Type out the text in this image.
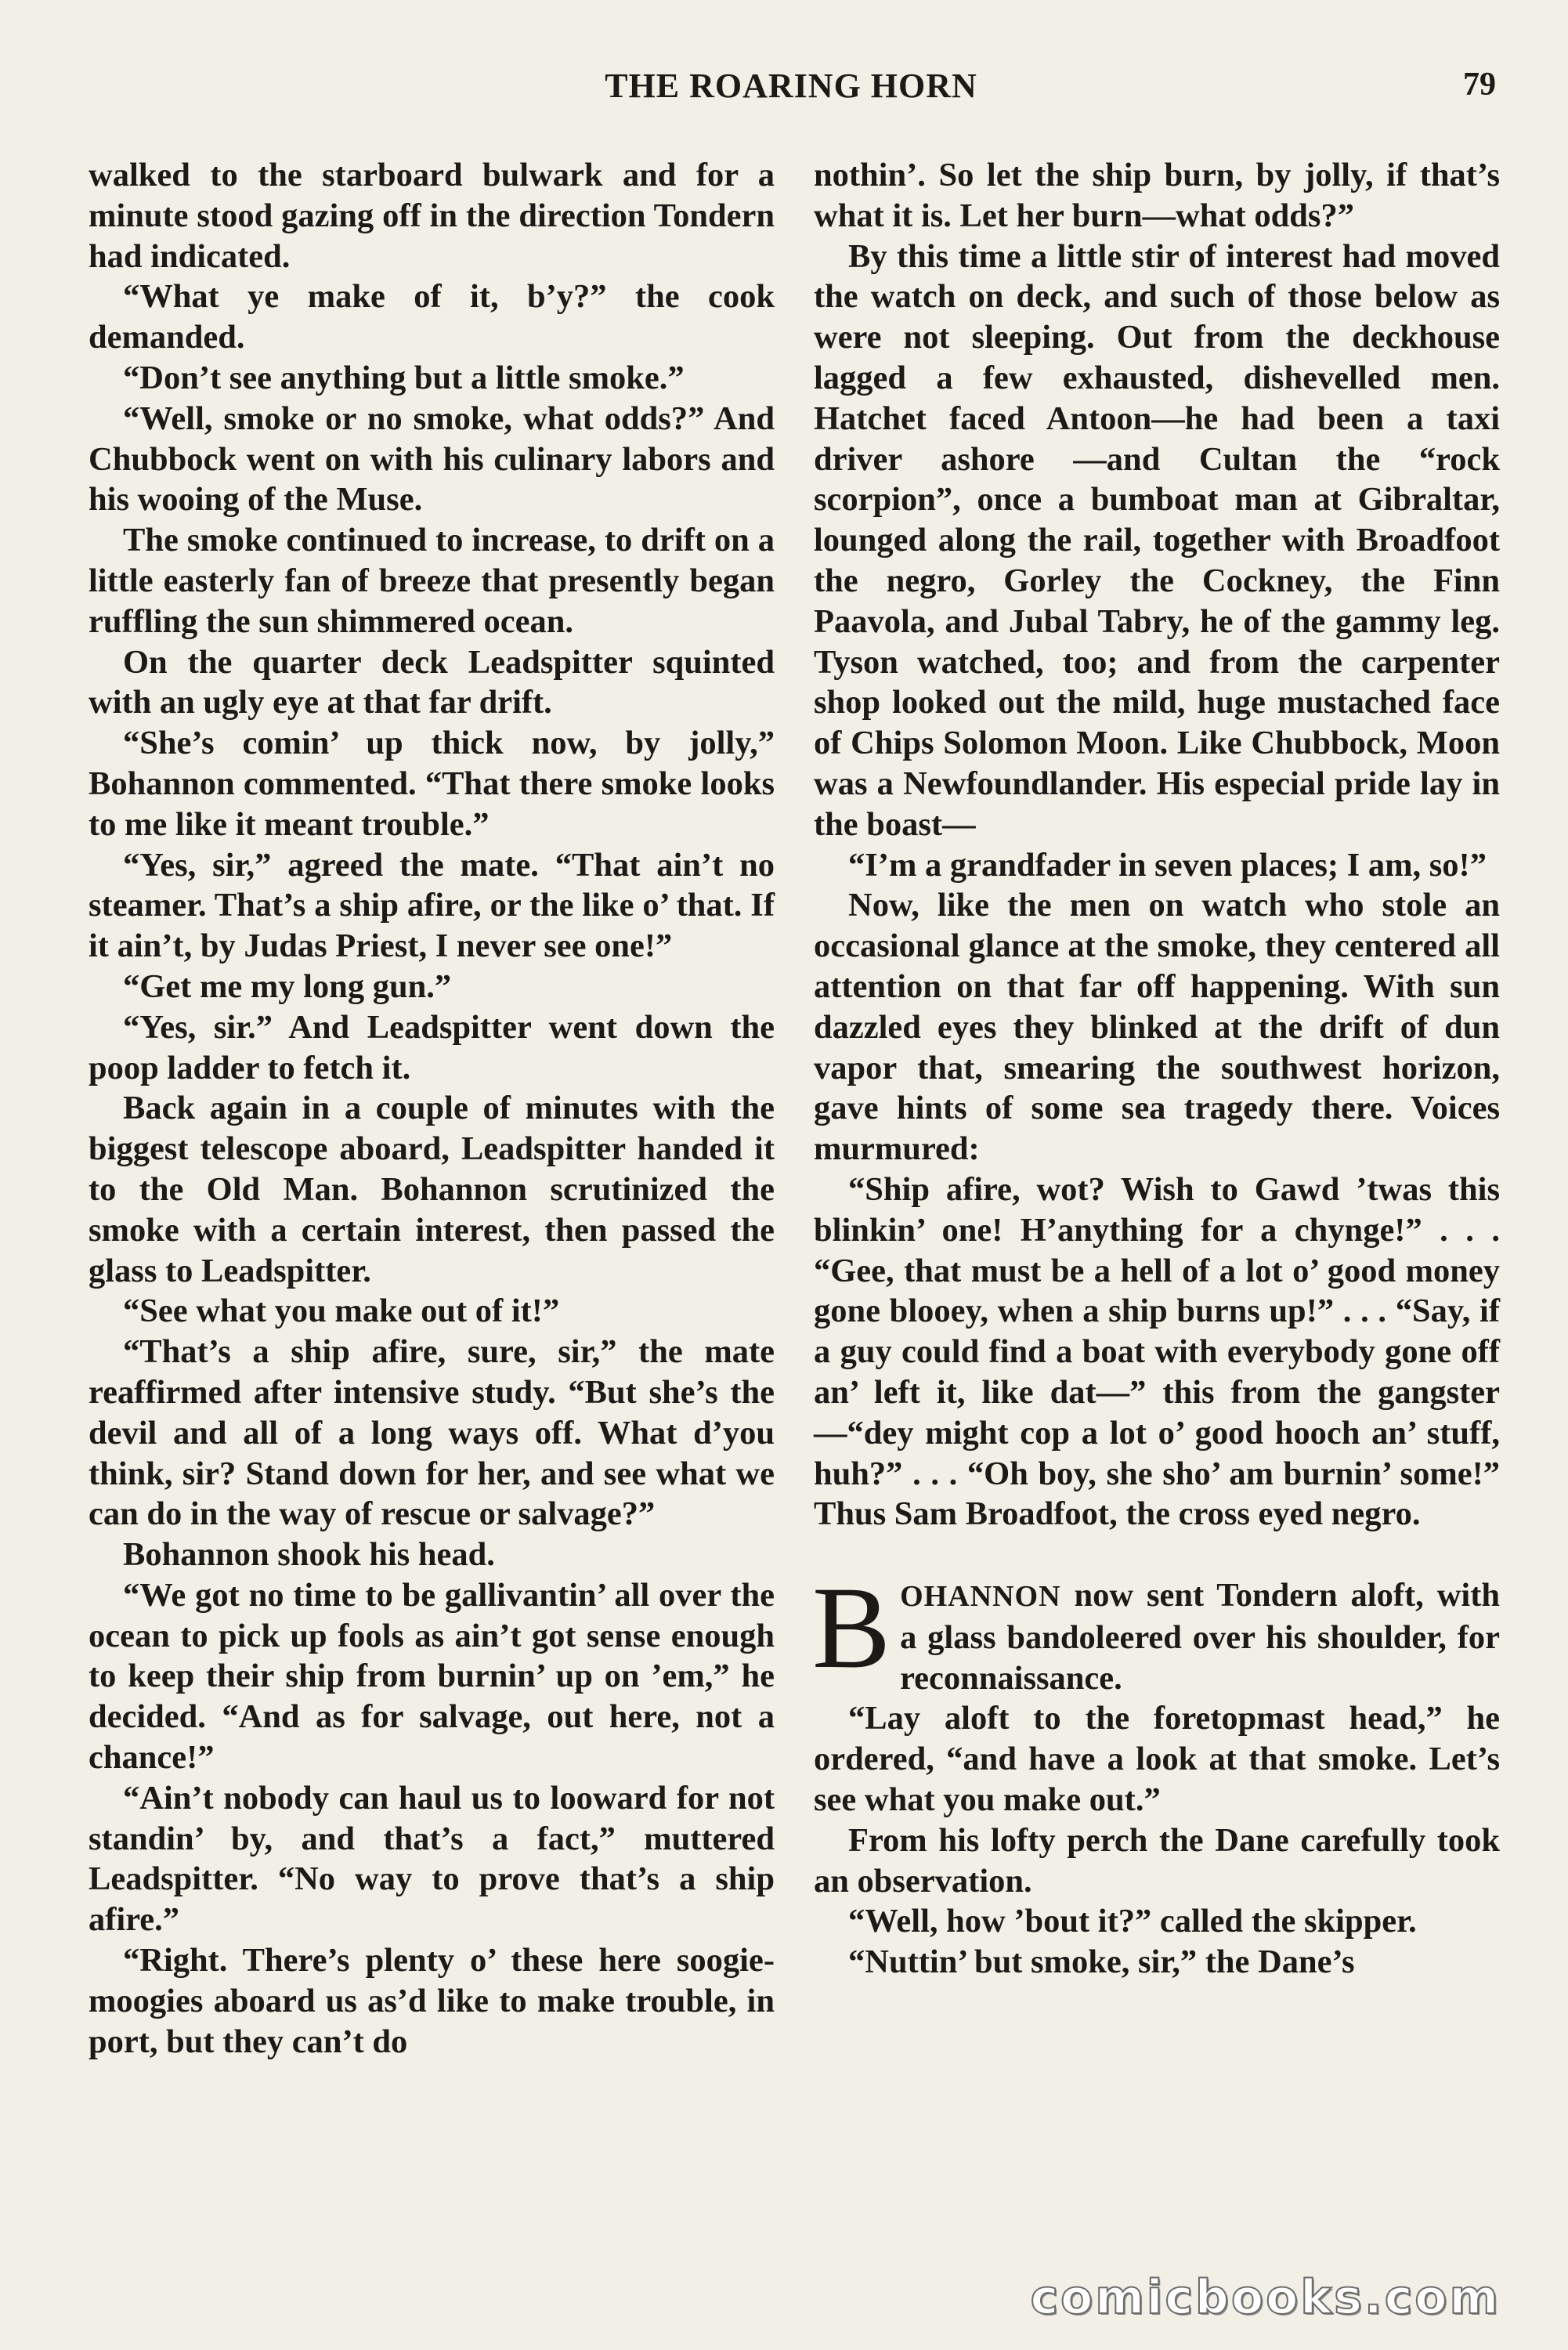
THE ROARING HORN	79

walked to the starboard bulwark and for a minute stood gazing off in the direction Tondern had indicated.

“What ye make of it, b’y?” the cook demanded.

“Don’t see anything but a little smoke.”

“Well, smoke or no smoke, what odds?” And Chubbock went on with his culinary labors and his wooing of the Muse.

The smoke continued to increase, to drift on a little easterly fan of breeze that presently began ruffling the sun shimmered ocean.

On the quarter deck Leadspitter squinted with an ugly eye at that far drift.

“She’s comin’ up thick now, by jolly,” Bohannon commented. “That there smoke looks to me like it meant trouble.”

“Yes, sir,” agreed the mate. “That ain’t no steamer. That’s a ship afire, or the like o’ that. If it ain’t, by Judas Priest, I never see one!”

“Get me my long gun.”

“Yes, sir.” And Leadspitter went down the poop ladder to fetch it.

Back again in a couple of minutes with the biggest telescope aboard, Leadspitter handed it to the Old Man. Bohannon scrutinized the smoke with a certain interest, then passed the glass to Leadspitter.

“See what you make out of it!”

“That’s a ship afire, sure, sir,” the mate reaffirmed after intensive study. “But she’s the devil and all of a long ways off. What d’you think, sir? Stand down for her, and see what we can do in the way of rescue or salvage?”

Bohannon shook his head.

“We got no time to be gallivantin’ all over the ocean to pick up fools as ain’t got sense enough to keep their ship from burnin’ up on ’em,” he decided. “And as for salvage, out here, not a chance!”

“Ain’t nobody can haul us to looward for not standin’ by, and that’s a fact,” muttered Leadspitter. “No way to prove that’s a ship afire.”

“Right. There’s plenty o’ these here soogie-moogies aboard us as’d like to make trouble, in port, but they can’t do

nothin’. So let the ship burn, by jolly, if that’s what it is. Let her burn—what odds?”

By this time a little stir of interest had moved the watch on deck, and such of those below as were not sleeping. Out from the deckhouse lagged a few exhausted, dishevelled men. Hatchet faced Antoon—he had been a taxi driver ashore —and Cultan the “rock scorpion”, once a bumboat man at Gibraltar, lounged along the rail, together with Broadfoot the negro, Gorley the Cockney, the Finn Paavola, and Jubal Tabry, he of the gammy leg. Tyson watched, too; and from the carpenter shop looked out the mild, huge mustached face of Chips Solomon Moon. Like Chubbock, Moon was a Newfoundlander. His especial pride lay in the boast—

“I’m a grandfader in seven places; I am, so!”

Now, like the men on watch who stole an occasional glance at the smoke, they centered all attention on that far off happening. With sun dazzled eyes they blinked at the drift of dun vapor that, smearing the southwest horizon, gave hints of some sea tragedy there. Voices murmured:

“Ship afire, wot? Wish to Gawd ’twas this blinkin’ one! H’anything for a chynge!” . . . “Gee, that must be a hell of a lot o’ good money gone blooey, when a ship burns up!” . . . “Say, if a guy could find a boat with everybody gone off an’ left it, like dat—” this from the gangster—“dey might cop a lot o’ good hooch an’ stuff, huh?” . . . “Oh boy, she sho’ am burnin’ some!” Thus Sam Broadfoot, the cross eyed negro.

BOHANNON now sent Tondern aloft, with a glass bandoleered over his shoulder, for reconnaissance.

“Lay aloft to the foretopmast head,” he ordered, “and have a look at that smoke. Let’s see what you make out.”

From his lofty perch the Dane carefully took an observation.

“Well, how ’bout it?” called the skipper.

“Nuttin’ but smoke, sir,” the Dane’s

comicbooks.com
